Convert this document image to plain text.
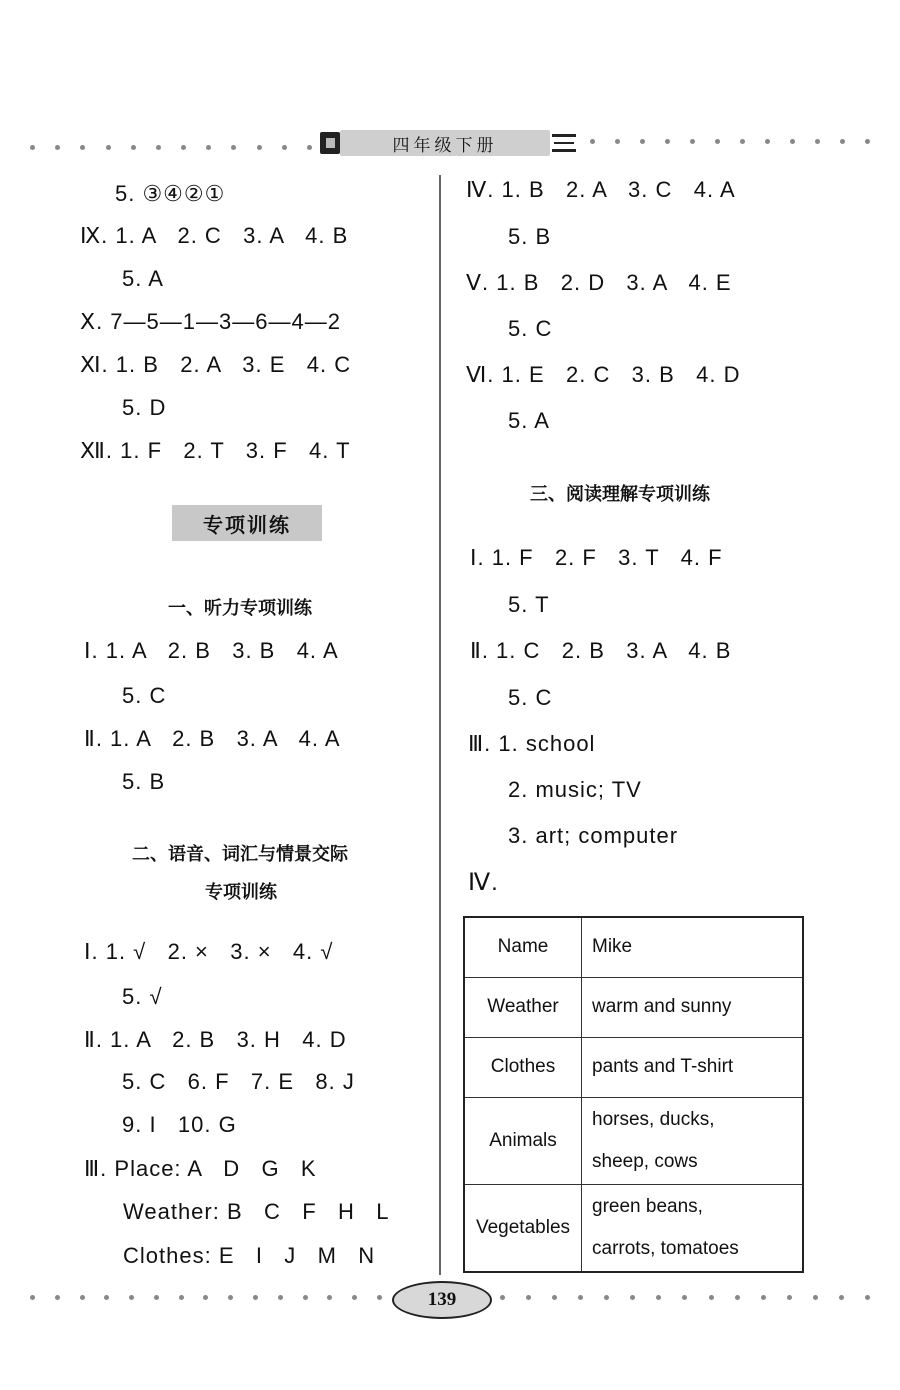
四年级下册
5. ③④②①
Ⅸ. 1. A   2. C   3. A   4. B
5. A
Ⅹ. 7—5—1—3—6—4—2
Ⅺ. 1. B   2. A   3. E   4. C
5. D
Ⅻ. 1. F   2. T   3. F   4. T
专项训练
一、听力专项训练
Ⅰ. 1. A   2. B   3. B   4. A
5. C
Ⅱ. 1. A   2. B   3. A   4. A
5. B
二、语音、词汇与情景交际
专项训练
Ⅰ. 1. √   2. ×   3. ×   4. √
5. √
Ⅱ. 1. A   2. B   3. H   4. D
5. C   6. F   7. E   8. J
9. I   10. G
Ⅲ. Place: A   D   G   K
Weather: B   C   F   H   L
Clothes: E   I   J   M   N
Ⅳ. 1. B   2. A   3. C   4. A
5. B
Ⅴ. 1. B   2. D   3. A   4. E
5. C
Ⅵ. 1. E   2. C   3. B   4. D
5. A
三、阅读理解专项训练
Ⅰ. 1. F   2. F   3. T   4. F
5. T
Ⅱ. 1. C   2. B   3. A   4. B
5. C
Ⅲ. 1. school
2. music; TV
3. art; computer
Ⅳ.
Name	Mike
Weather	warm and sunny
Clothes	pants and T-shirt
Animals	horses, ducks,
sheep, cows
Vegetables	green beans,
carrots, tomatoes
139
